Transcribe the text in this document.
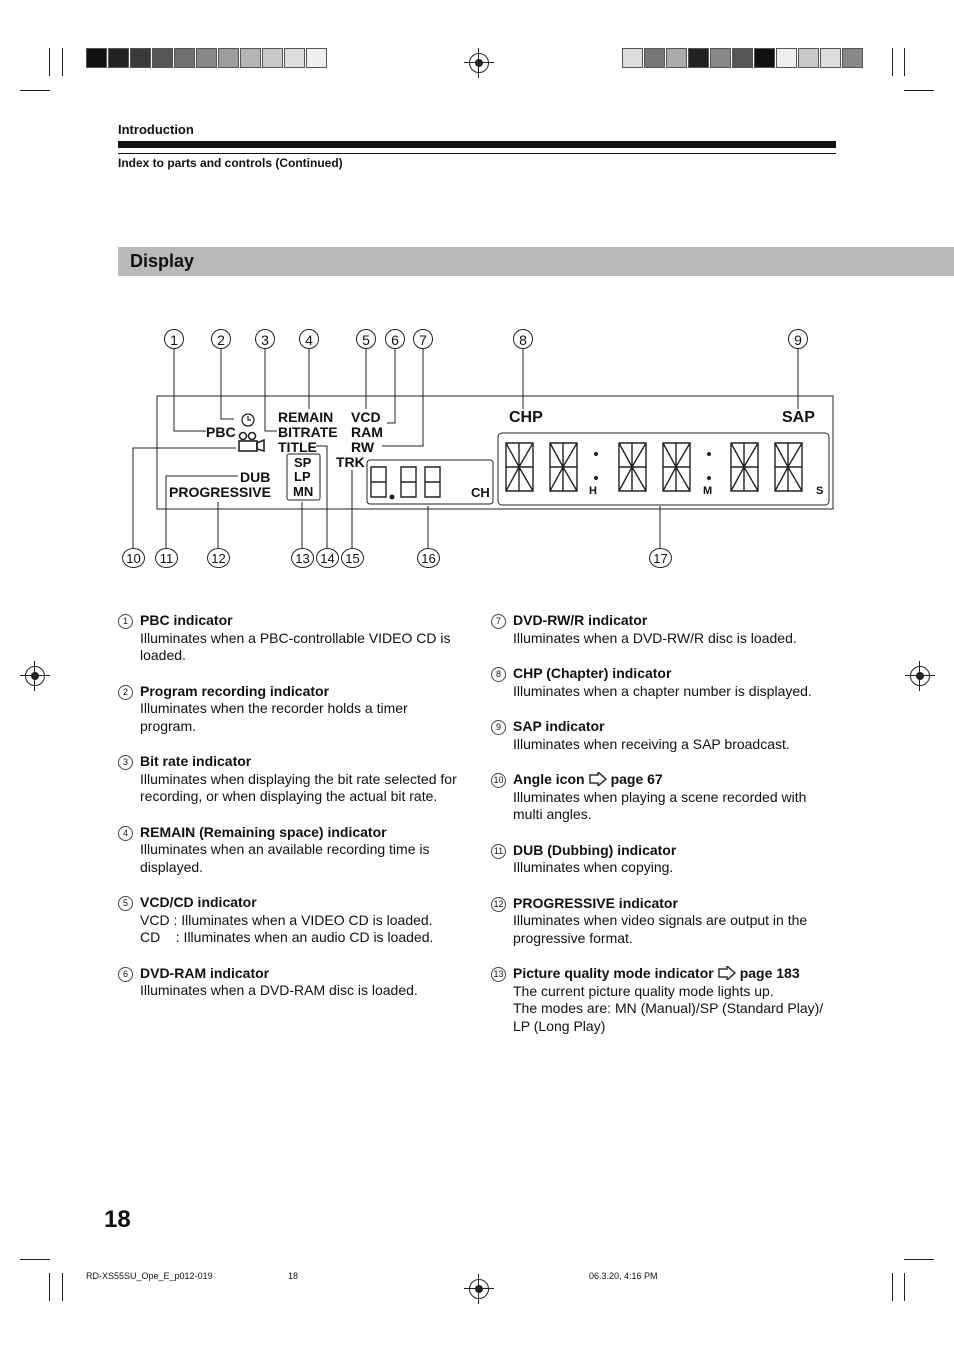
Introduction
Index to parts and controls (Continued)
Display
PBC
REMAIN
BITRATE
TITLE
VCD
RAM
RW
TRK
DUB
PROGRESSIVE
SP
LP
MN	CH
CHP	SAP
H	M	S
1	2	3	4	5	6	7	8	9
10	11	12	13 14 15	16	17
1 PBC indicator
Illuminates when a PBC-controllable VIDEO CD is loaded.
2 Program recording indicator
Illuminates when the recorder holds a timer program.
3 Bit rate indicator
Illuminates when displaying the bit rate selected for recording, or when displaying the actual bit rate.
4 REMAIN (Remaining space) indicator
Illuminates when an available recording time is displayed.
5 VCD/CD indicator
VCD : Illuminates when a VIDEO CD is loaded.
CD    : Illuminates when an audio CD is loaded.
6 DVD-RAM indicator
Illuminates when a DVD-RAM disc is loaded.
7 DVD-RW/R indicator
Illuminates when a DVD-RW/R disc is loaded.
8 CHP (Chapter) indicator
Illuminates when a chapter number is displayed.
9 SAP indicator
Illuminates when receiving a SAP broadcast.
10 Angle icon page 67
Illuminates when playing a scene recorded with multi angles.
11 DUB (Dubbing) indicator
Illuminates when copying.
12 PROGRESSIVE indicator
Illuminates when video signals are output in the progressive format.
13 Picture quality mode indicator page 183
The current picture quality mode lights up.
The modes are: MN (Manual)/SP (Standard Play)/ LP (Long Play)
18
RD-XS55SU_Ope_E_p012-019	18	06.3.20, 4:16 PM
